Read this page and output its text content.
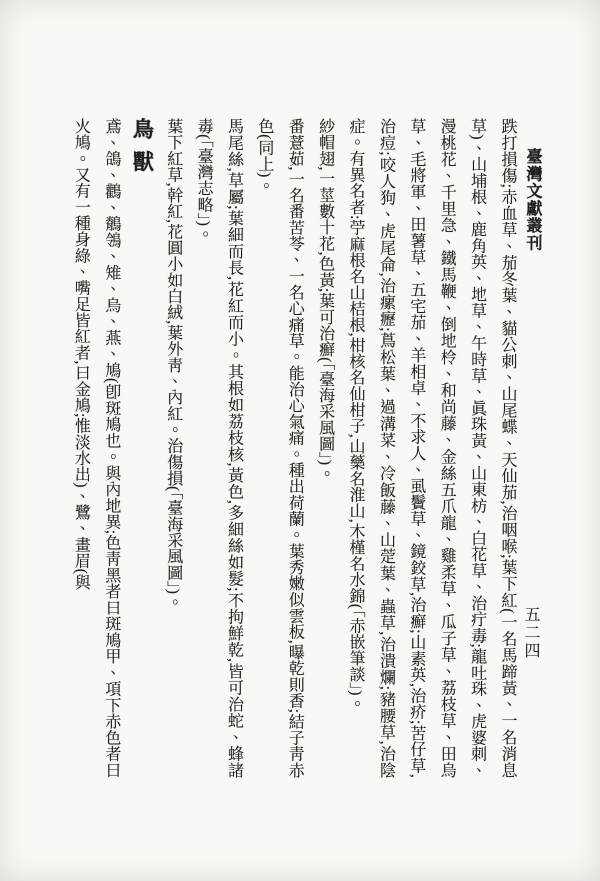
臺灣文獻叢刊
五二四

跌打損傷;赤血草、茄冬葉、貓公刺、山尾蝶、天仙茄,治咽喉;葉下紅(一名馬蹄黃、一名消息草)、山埔根、鹿角英、地草、午時草、眞珠黃、山東枋、白花草、治疔毒;龍吐珠、虎婆刺、漫桃花、千里急、鐵馬鞭、倒地柃、和尚藤、金絲五爪龍、雞柔草、瓜子草、荔枝草、田烏草、毛將軍、田薯草、五宅茄、羊相卓、不求人、虱鬢草、鏡鉸草,治癬;山素英,治疥;苦仔草,治痘;咬人狗、虎尾侖,治瘰癧;蔦松葉、過溝菜、冷飯藤、山萣葉、蟲草,治潰爛;豬腰草,治陰症。有異名者:苧麻根名山桔根,柑核名仙柑子,山藥名淮山,木槿名水錦(「赤嵌筆談」)。

紗帽翅,一莖數十花,色黃;葉可治癬(「臺海采風圖」)。

番薏茹,一名番苦苓、一名心痛草。能治心氣痛。種出荷蘭。葉秀嫩似雲板,曝乾則香;結子靑赤色(同上)。

馬尾絲,草屬;葉細而長,花紅而小。其根如荔枝核,黃色,多細絲如髮;不拘鮮乾,皆可治蛇、蜂諸毒(「臺灣志略」)。

葉下紅草,幹紅,花圓小如白絨,葉外靑、內紅。治傷損(「臺海采風圖」)。

鳥獸

鳶、鴿、鸛、鶺鴒、雉、烏、燕、鳩(卽斑鳩也。與內地異;色靑黑者曰斑鳩甲、項下赤色者曰火鳩。又有一種身綠、嘴足皆紅者,曰金鳩;惟淡水出)、鷺、畫眉(與
